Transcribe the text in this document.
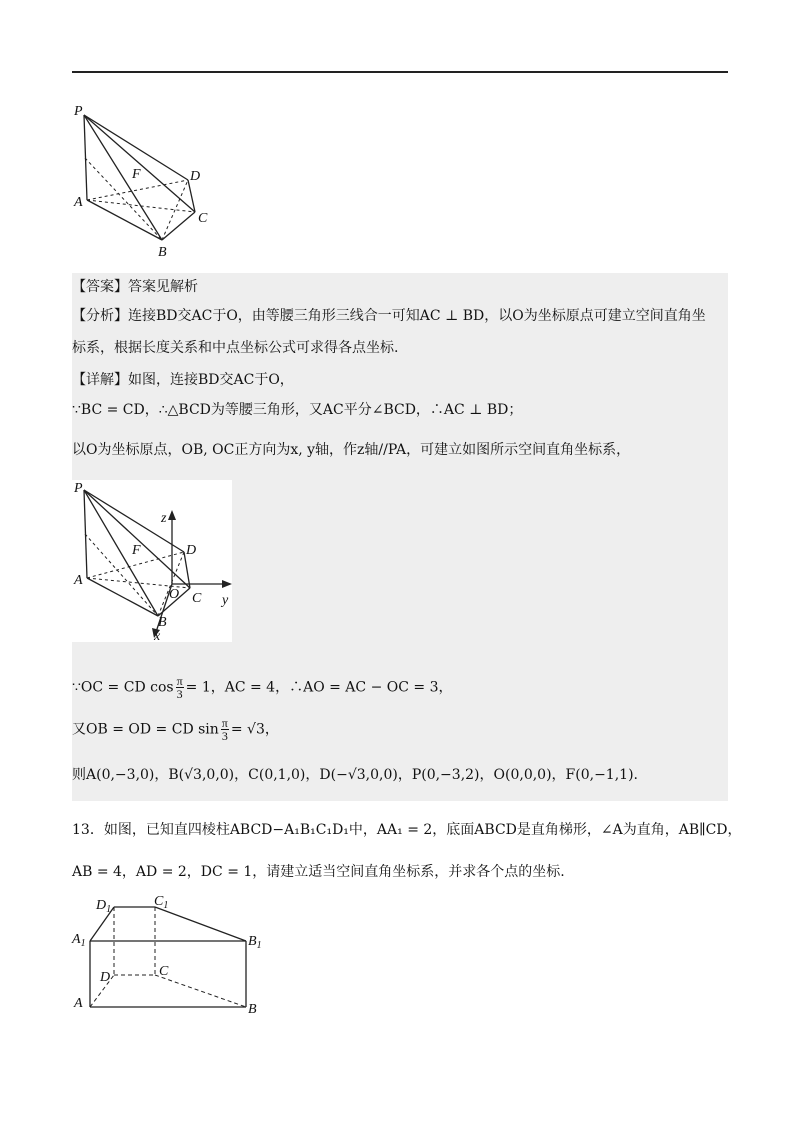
P
A
B
C
D
F
【答案】答案见解析
【分析】连接BD交AC于O，由等腰三角形三线合一可知AC ⊥ BD，以O为坐标原点可建立空间直角坐
标系，根据长度关系和中点坐标公式可求得各点坐标.
【详解】如图，连接BD交AC于O，
∵BC = CD，∴△BCD为等腰三角形，又AC平分∠BCD，∴AC ⊥ BD；
以O为坐标原点，OB, OC正方向为x, y轴，作z轴//PA，可建立如图所示空间直角坐标系，
P
A
B
C
D
F
O
x
y
z
∵OC = CD $\cos \frac{\pi}{3} = 1$，AC = 4，∴AO = AC − OC = 3，
又OB = OD = CD $\sin \frac{\pi}{3} = √3$，
则A(0,−3,0)，B(√3,0,0)，C(0,1,0)，D(−√3,0,0)，P(0,−3,2)，O(0,0,0)，F(0,−1,1).
13．如图，已知直四棱柱ABCD−A₁B₁C₁D₁中，AA₁ = 2，底面ABCD是直角梯形，∠A为直角，AB∥CD，
AB = 4，AD = 2，DC = 1，请建立适当空间直角坐标系，并求各个点的坐标.
$D_1$
$C_1$
$A_1$	$B_1$
D	C
A	B
